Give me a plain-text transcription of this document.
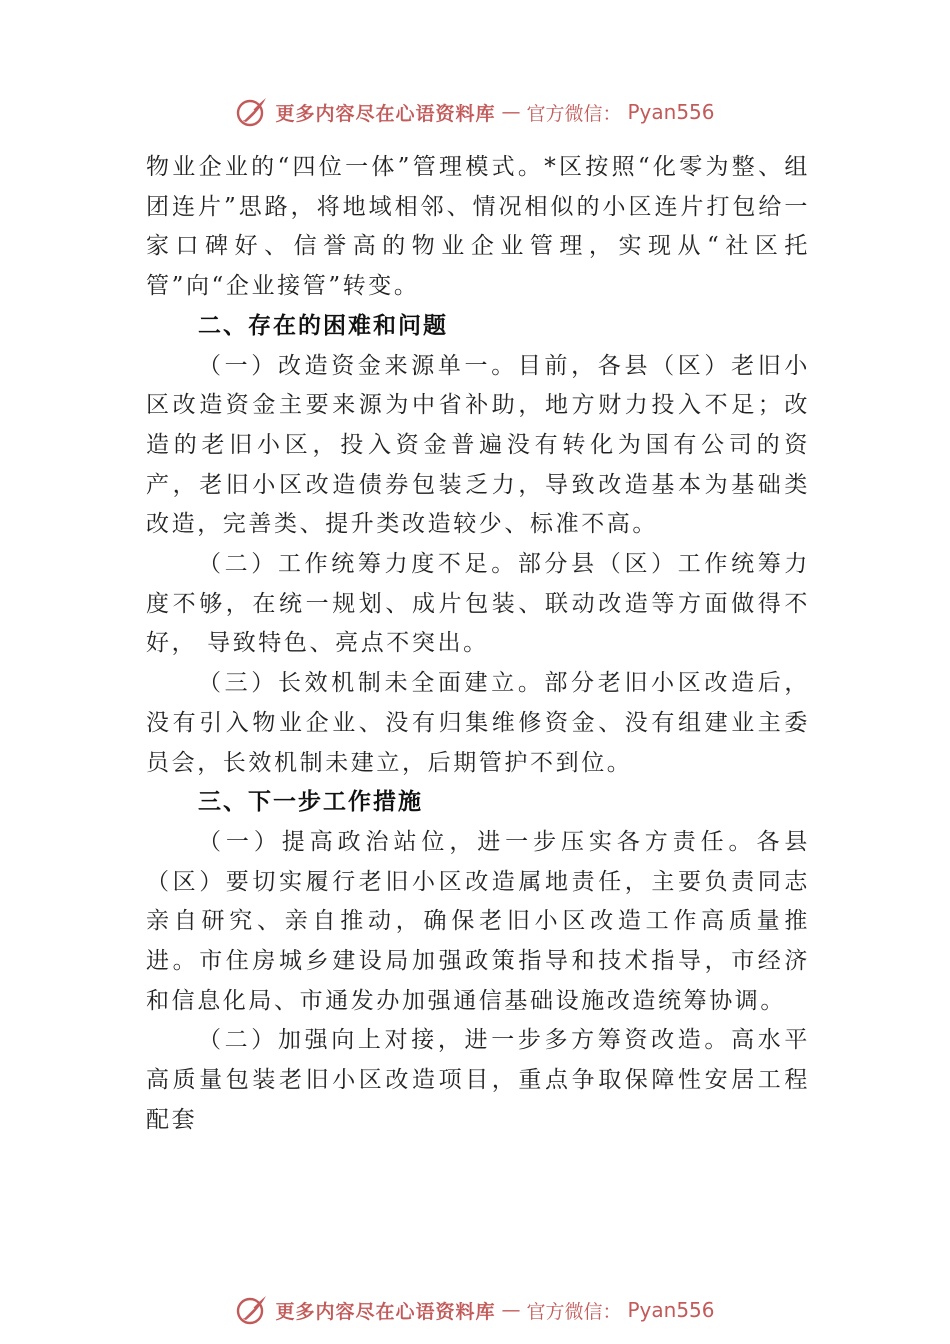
更多内容尽在心语资料库 — 官方微信： Pyan556

物业企业的“四位一体”管理模式。*区按照“化零为整、组团连片”思路，将地域相邻、情况相似的小区连片打包给一家口碑好、信誉高的物业企业管理，实现从“社区托管”向“企业接管”转变。

二、存在的困难和问题

（一）改造资金来源单一。目前，各县（区）老旧小区改造资金主要来源为中省补助，地方财力投入不足；改造的老旧小区，投入资金普遍没有转化为国有公司的资产，老旧小区改造债券包装乏力，导致改造基本为基础类改造，完善类、提升类改造较少、标准不高。

（二）工作统筹力度不足。部分县（区）工作统筹力度不够，在统一规划、成片包装、联动改造等方面做得不好， 导致特色、亮点不突出。

（三）长效机制未全面建立。部分老旧小区改造后，没有引入物业企业、没有归集维修资金、没有组建业主委员会，长效机制未建立，后期管护不到位。

三、下一步工作措施

（一）提高政治站位，进一步压实各方责任。各县（区）要切实履行老旧小区改造属地责任，主要负责同志亲自研究、亲自推动，确保老旧小区改造工作高质量推进。市住房城乡建设局加强政策指导和技术指导，市经济和信息化局、市通发办加强通信基础设施改造统筹协调。

（二）加强向上对接，进一步多方筹资改造。高水平高质量包装老旧小区改造项目，重点争取保障性安居工程配套

更多内容尽在心语资料库 — 官方微信： Pyan556
